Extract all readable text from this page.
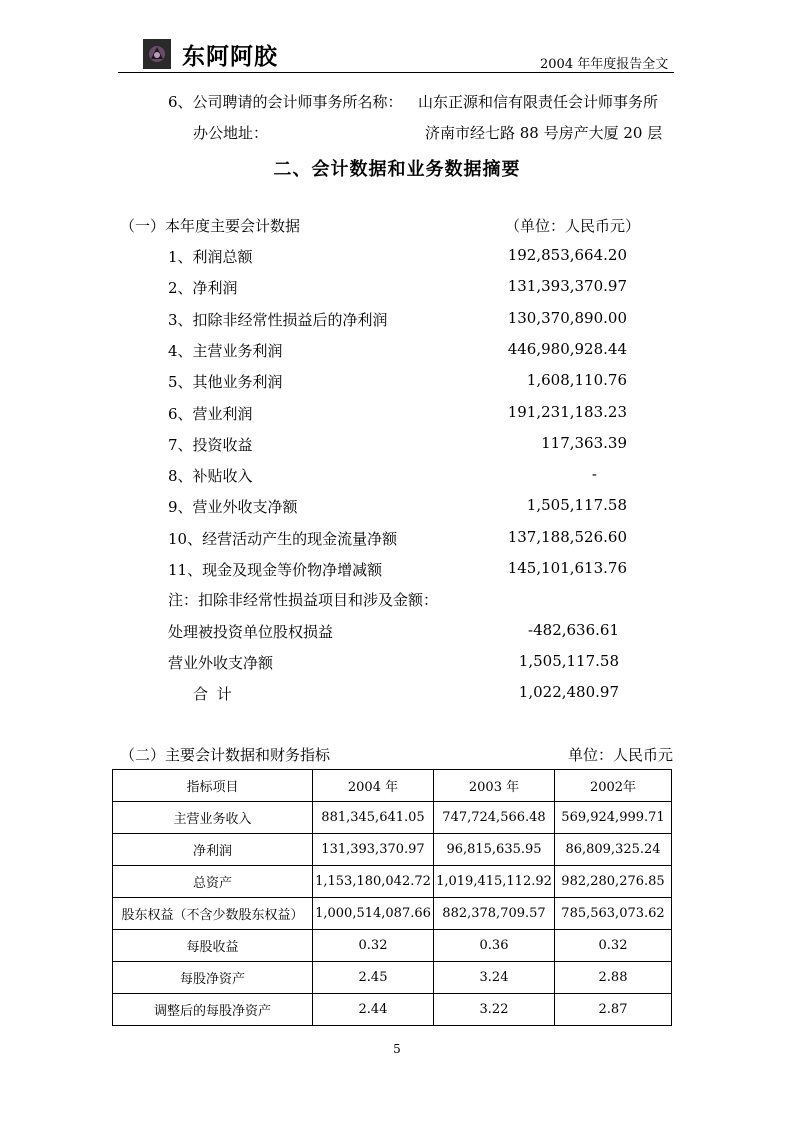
东阿阿胶	2004 年年度报告全文
6、公司聘请的会计师事务所名称： 山东正源和信有限责任会计师事务所
办公地址：	济南市经七路 88 号房产大厦 20 层
二、会计数据和业务数据摘要
（一）本年度主要会计数据	（单位：人民币元）
1、利润总额	192,853,664.20
2、净利润	131,393,370.97
3、扣除非经常性损益后的净利润	130,370,890.00
4、主营业务利润	446,980,928.44
5、其他业务利润	1,608,110.76
6、营业利润	191,231,183.23
7、投资收益	117,363.39
8、补贴收入	-
9、营业外收支净额	1,505,117.58
10、经营活动产生的现金流量净额	137,188,526.60
11、现金及现金等价物净增减额	145,101,613.76
注：扣除非经常性损益项目和涉及金额：
处理被投资单位股权损益	-482,636.61
营业外收支净额	1,505,117.58
合 计	1,022,480.97
（二）主要会计数据和财务指标	单位：人民币元
指标项目	2004 年	2003 年	2002年
主营业务收入	881,345,641.05	747,724,566.48	569,924,999.71
净利润	131,393,370.97	96,815,635.95	86,809,325.24
总资产	1,153,180,042.72	1,019,415,112.92	982,280,276.85
股东权益（不含少数股东权益）	1,000,514,087.66	882,378,709.57	785,563,073.62
每股收益	0.32	0.36	0.32
每股净资产	2.45	3.24	2.88
调整后的每股净资产	2.44	3.22	2.87
5
